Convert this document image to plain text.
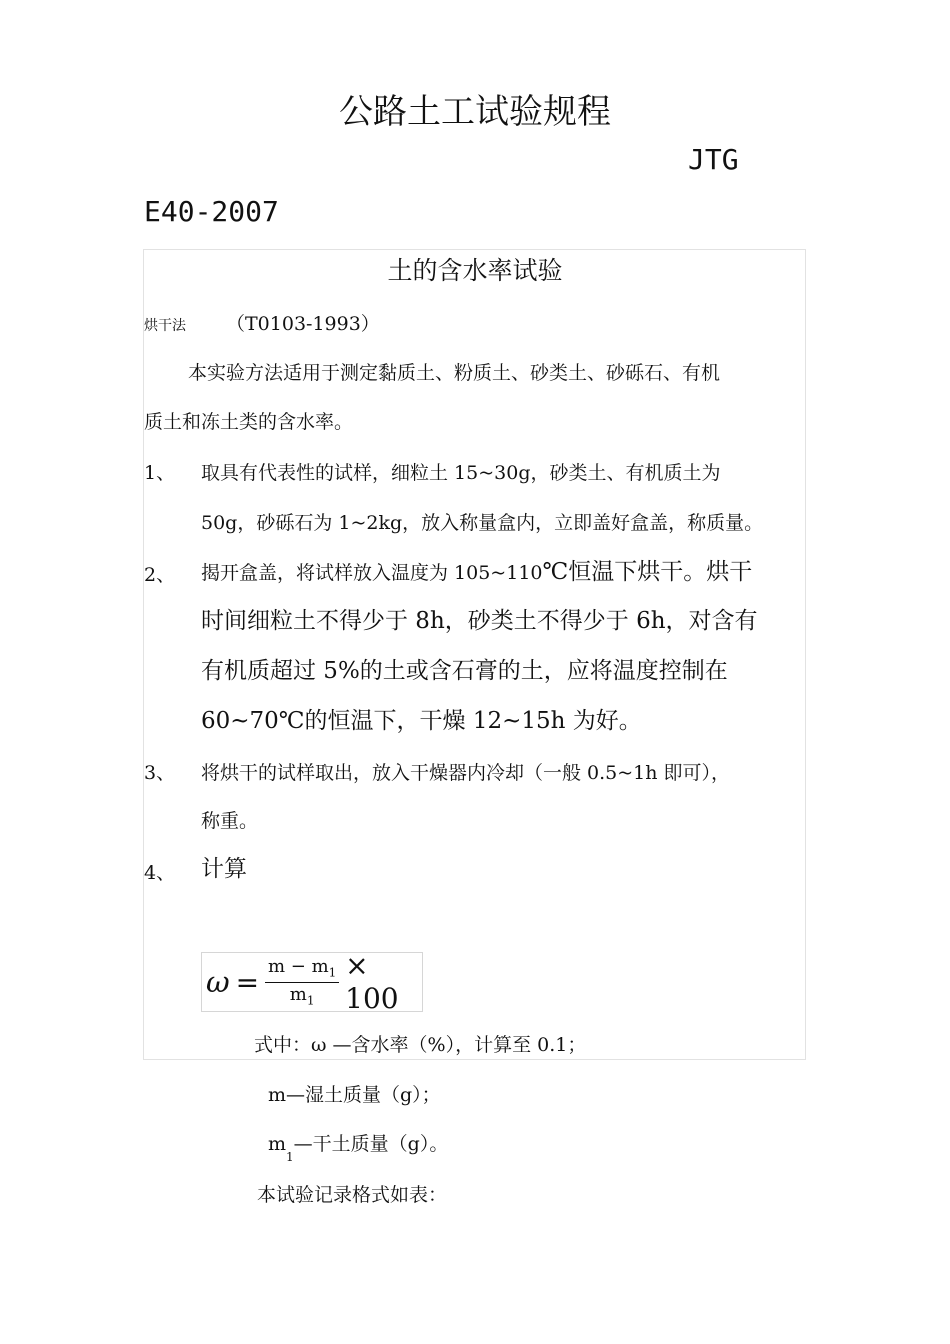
公路土工试验规程
JTG
E40-2007
土的含水率试验
烘干法 （T0103-1993）
本实验方法适用于测定黏质土、粉质土、砂类土、砂砾石、有机
质土和冻土类的含水率。
1、 取具有代表性的试样，细粒土 15~30g，砂类土、有机质土为
50g，砂砾石为 1~2kg，放入称量盒内，立即盖好盒盖，称质量。
2、 揭开盒盖，将试样放入温度为 105~110℃恒温下烘干。烘干
时间细粒土不得少于 8h，砂类土不得少于 6h，对含有
有机质超过 5%的土或含石膏的土，应将温度控制在
60~70℃的恒温下，干燥 12~15h 为好。
3、 将烘干的试样取出，放入干燥器内冷却（一般 0.5~1h 即可），
称重。
4、 计算
$\omega = \frac{m - m_1}{m_1} \times 100$
式中：ω —含水率（%），计算至 0.1；
m—湿土质量（g）；
$m_1—$干土质量（g）。
本试验记录格式如表：
